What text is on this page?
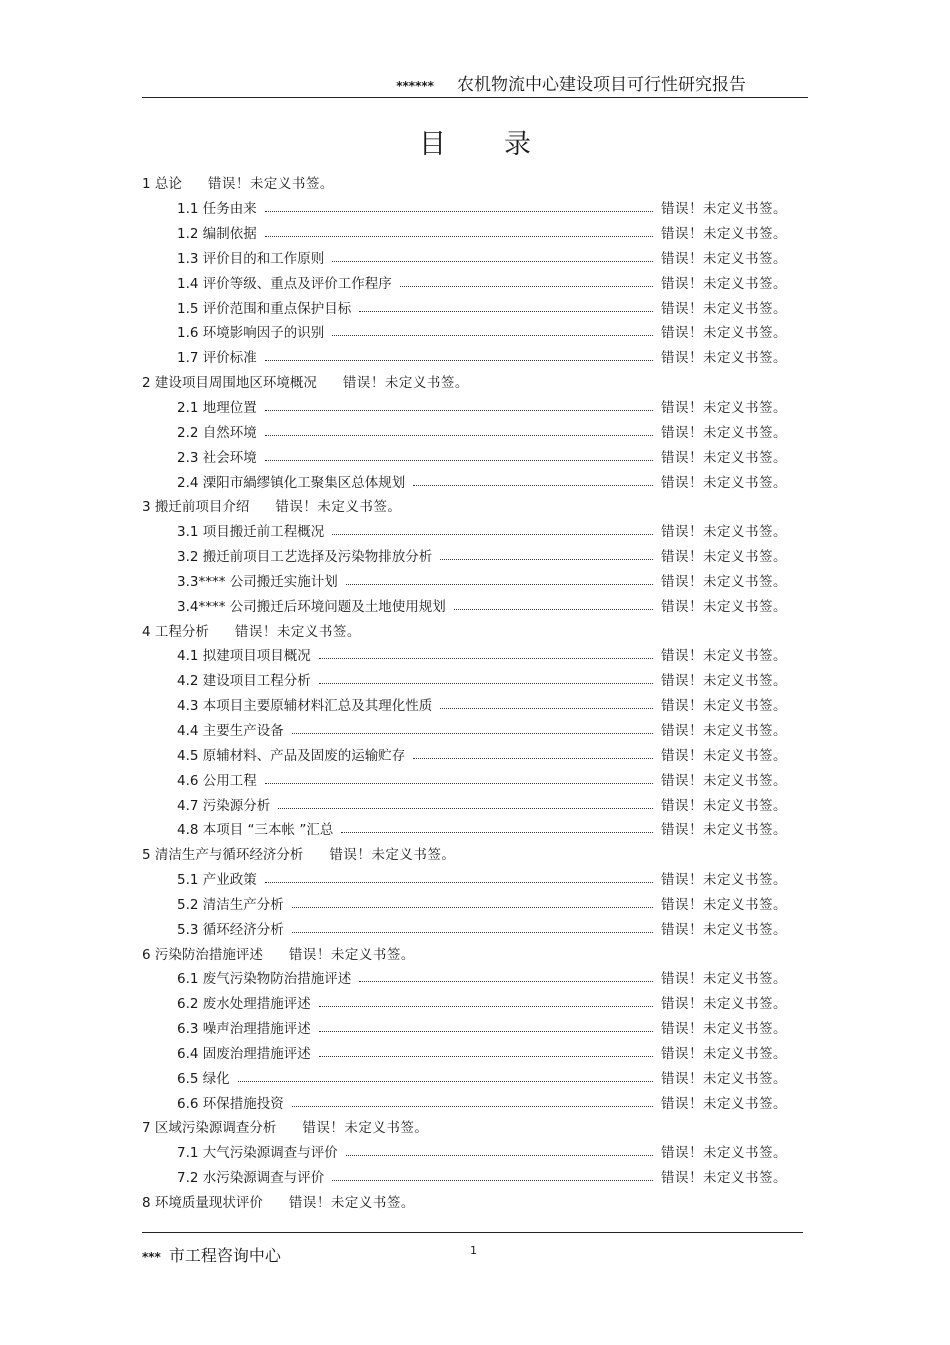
****** 农机物流中心建设项目可行性研究报告
目录
1 总论 错误！未定义书签。
1.1 任务由来	错误！未定义书签。
1.2 编制依据	错误！未定义书签。
1.3 评价目的和工作原则	错误！未定义书签。
1.4 评价等级、重点及评价工作程序	错误！未定义书签。
1.5 评价范围和重点保护目标	错误！未定义书签。
1.6 环境影响因子的识别	错误！未定义书签。
1.7 评价标准	错误！未定义书签。
2 建设项目周围地区环境概况 错误！未定义书签。
2.1 地理位置	错误！未定义书签。
2.2 自然环境	错误！未定义书签。
2.3 社会环境	错误！未定义书签。
2.4 溧阳市緺缪镇化工聚集区总体规划	错误！未定义书签。
3 搬迁前项目介绍 错误！未定义书签。
3.1 项目搬迁前工程概况	错误！未定义书签。
3.2 搬迁前项目工艺选择及污染物排放分析	错误！未定义书签。
3.3**** 公司搬迁实施计划	错误！未定义书签。
3.4**** 公司搬迁后环境问题及土地使用规划	错误！未定义书签。
4 工程分析 错误！未定义书签。
4.1 拟建项目项目概况	错误！未定义书签。
4.2 建设项目工程分析	错误！未定义书签。
4.3 本项目主要原辅材料汇总及其理化性质	错误！未定义书签。
4.4 主要生产设备	错误！未定义书签。
4.5 原辅材料、产品及固废的运输贮存	错误！未定义书签。
4.6 公用工程	错误！未定义书签。
4.7 污染源分析	错误！未定义书签。
4.8 本项目 “三本帐 ”汇总	错误！未定义书签。
5 清洁生产与循环经济分析 错误！未定义书签。
5.1 产业政策	错误！未定义书签。
5.2 清洁生产分析	错误！未定义书签。
5.3 循环经济分析	错误！未定义书签。
6 污染防治措施评述 错误！未定义书签。
6.1 废气污染物防治措施评述	错误！未定义书签。
6.2 废水处理措施评述	错误！未定义书签。
6.3 噪声治理措施评述	错误！未定义书签。
6.4 固废治理措施评述	错误！未定义书签。
6.5 绿化	错误！未定义书签。
6.6 环保措施投资	错误！未定义书签。
7 区域污染源调查分析 错误！未定义书签。
7.1 大气污染源调查与评价	错误！未定义书签。
7.2 水污染源调查与评价	错误！未定义书签。
8 环境质量现状评价 错误！未定义书签。
*** 市工程咨询中心	1
